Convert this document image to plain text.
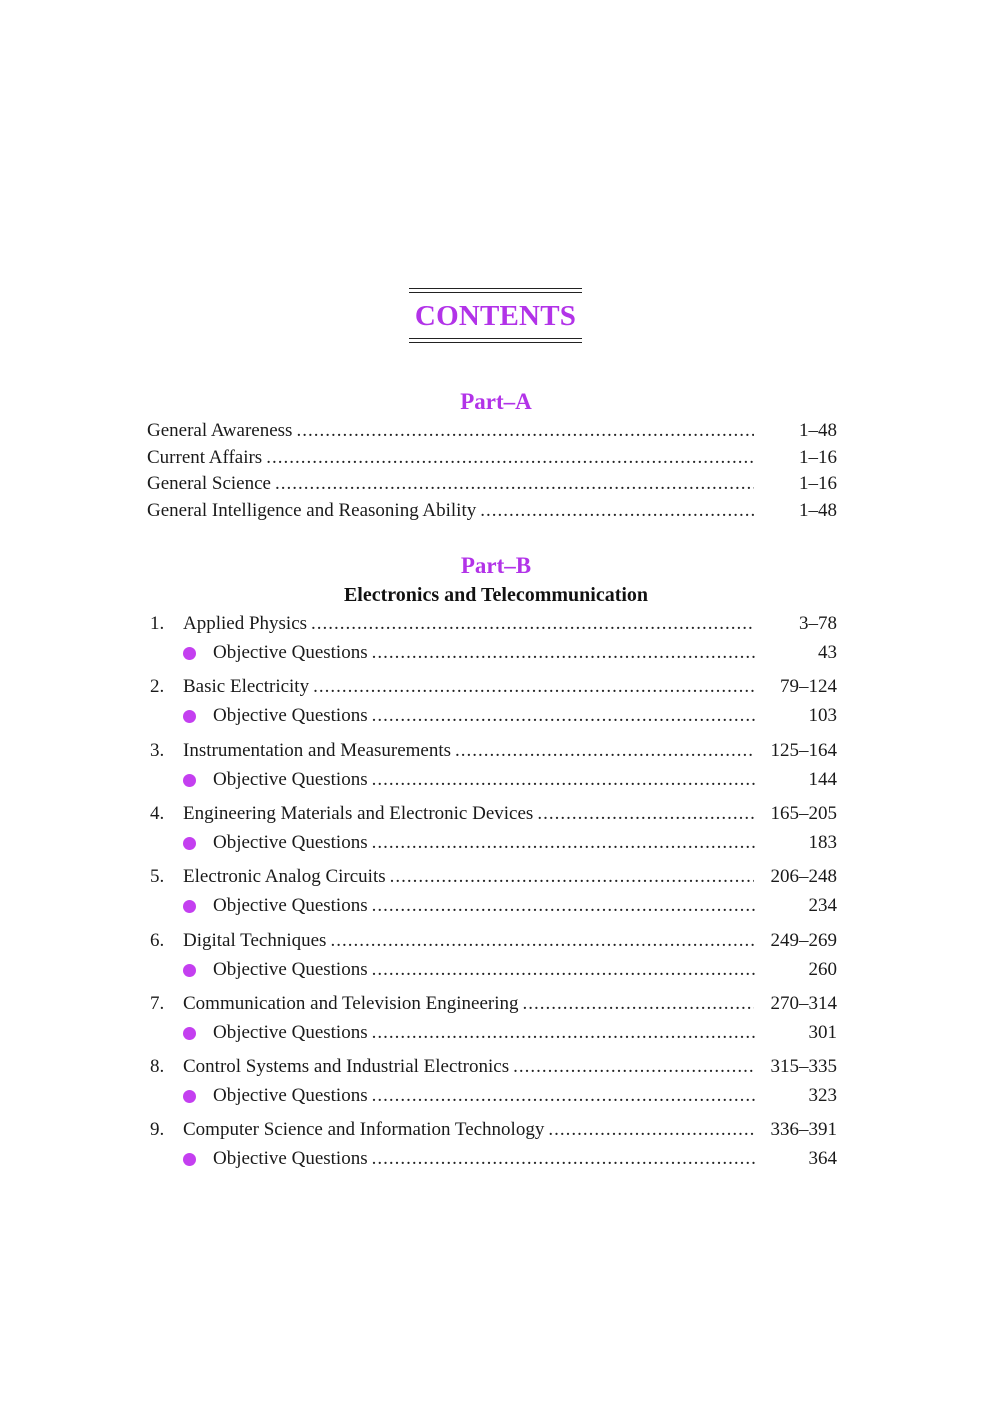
CONTENTS
Part–A
General Awareness .....	1–48
Current Affairs .....	1–16
General Science .....	1–16
General Intelligence and Reasoning Ability .....	1–48
Part–B
Electronics and Telecommunication
1. Applied Physics .....	3–78
Objective Questions .....	43
2. Basic Electricity .....	79–124
Objective Questions .....	103
3. Instrumentation and Measurements .....	125–164
Objective Questions .....	144
4. Engineering Materials and Electronic Devices .....	165–205
Objective Questions .....	183
5. Electronic Analog Circuits .....	206–248
Objective Questions .....	234
6. Digital Techniques .....	249–269
Objective Questions .....	260
7. Communication and Television Engineering .....	270–314
Objective Questions .....	301
8. Control Systems and Industrial Electronics .....	315–335
Objective Questions .....	323
9. Computer Science and Information Technology .....	336–391
Objective Questions .....	364
